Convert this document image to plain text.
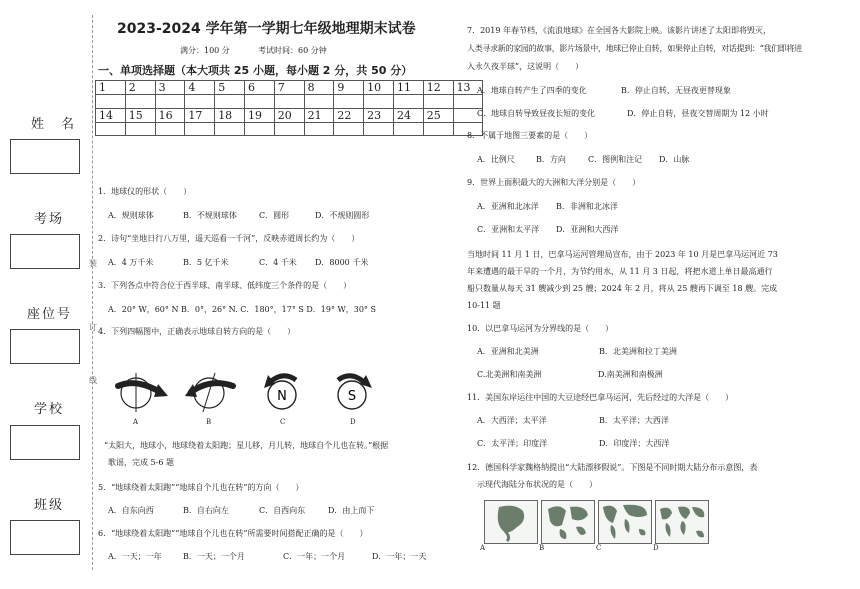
姓　名
考场
座位号
学校
班级
装
订
线
2023-2024 学年第一学期七年级地理期末试卷
满分：100 分	考试时间：60 分钟
一、单项选择题（本大项共 25 小题，每小题 2 分，共 50 分）
1	2	3	4	5	6	7	8	9	10	11	12	13

14	15	16	17	18	19	20	21	22	23	24	25	

1．地球仪的形状（　　）
A．规则球体	B．不规则球体	C．圆形	D．不规则圆形
2．诗句“坐地日行八万里，遥天巡看一千河”，反映赤道周长约为（　　）
A．4 万千米	B．5 亿千米	C．4 千米 D．8000 千米
3．下列各点中符合位于西半球、南半球、低纬度三个条件的是（　　）
A．20° W，60° N B．0°，26° N. C．180°，17° S D．19° W，30° S
4．下列四幅图中，正确表示地球自转方向的是（　　）
A	B
N
C
S
D
“太阳大，地球小，地球绕着太阳跑；星儿移，月儿转，地球自个儿也在转。”根据
歌谣，完成 5-6 题
5．“地球绕着太阳跑”“地球自个儿也在转”的方向（　　）
A．自东向西	B．自右向左	C．自西向东	D．由上而下
6．“地球绕着太阳跑”“地球自个儿也在转”所需要时间搭配正确的是（　　）
A．一天；一年	B．一天；一个月	C．一年；一个月	D．一年；一天
7．2019 年春节档，《流浪地球》在全国各大影院上映。该影片讲述了太阳即将毁灭，
人类寻求新的家园的故事，影片场景中，地球已停止自转，如果停止自转，对话提到：“我们即将进
入永久夜半球”，这说明（　　）
A．地球自转产生了四季的变化	B．停止自转，无昼夜更替现象
C．地球自转导致昼夜长短的变化	D．停止自转，昼夜交替周期为 12 小时
8．不属于地图三要素的是（　　）
A．比例尺	B．方向	C．图例和注记 D．山脉
9．世界上面积最大的大洲和大洋分别是（　　）
A．亚洲和北冰洋 B．非洲和北冰洋
C．亚洲和太平洋 D．亚洲和大西洋
当地时间 11 月 1 日，巴拿马运河管理局宣布，由于 2023 年 10 月是巴拿马运河近 73
年来遭遇的最干旱的一个月，为节约用水，从 11 月 3 日起，将把水道上单日最高通行
船只数量从每天 31 艘减少到 25 艘；2024 年 2 月，将从 25 艘再下调至 18 艘。完成
10-11 题
10．以巴拿马运河为分界线的是（　　）
A．亚洲和北美洲	B．北美洲和拉丁美洲
C.北美洲和南美洲	D.南美洲和南极洲
11．美国东岸运往中国的大豆途经巴拿马运河，先后经过的大洋是（　　）
A．大西洋；太平洋	B．太平洋；大西洋
C．太平洋；印度洋	D．印度洋；大西洋
12．德国科学家魏格纳提出“大陆漂移假说”。下图是不同时期大陆分布示意图，表
示现代海陆分布状况的是（　　）
A	B	C	D
